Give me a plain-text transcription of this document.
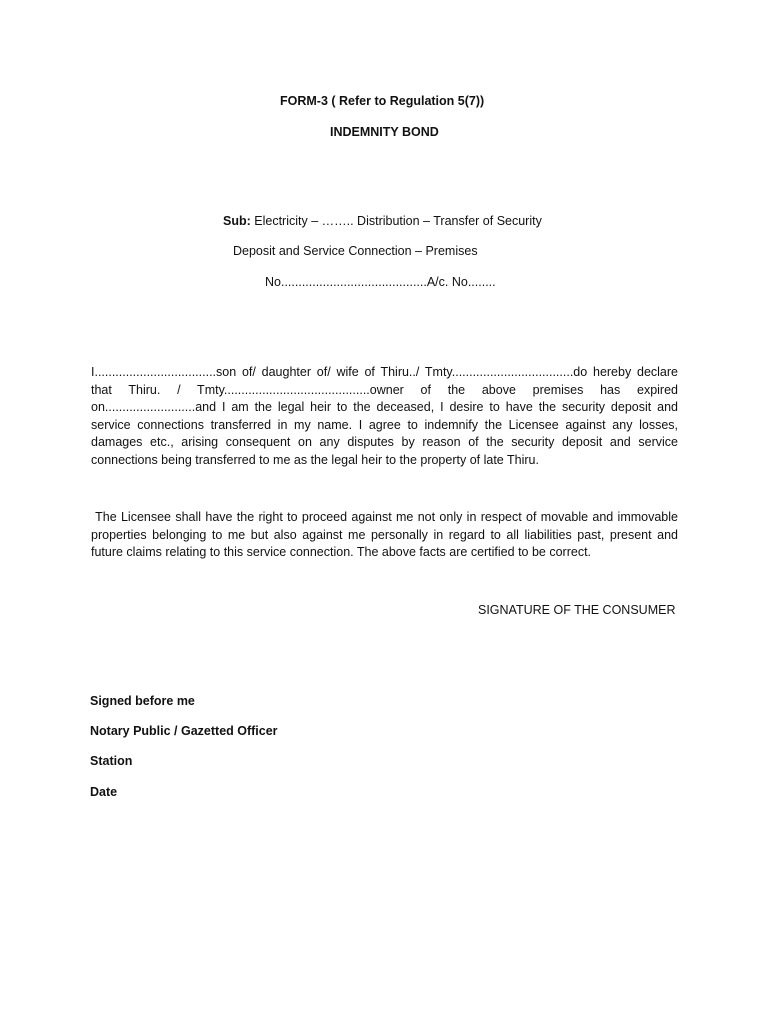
FORM-3 ( Refer to Regulation 5(7))
INDEMNITY BOND
Sub: Electricity – …….. Distribution – Transfer of Security
Deposit and Service Connection – Premises
No..........................................A/c. No........
I...................................son of/ daughter of/ wife of Thiru../ Tmty...................................do hereby declare
that Thiru. / Tmty..........................................owner of the above premises has expired
on..........................and I am the legal heir to the deceased, I desire to have the security deposit and
service connections transferred in my name. I agree to indemnify the Licensee against any losses,
damages etc., arising consequent on any disputes by reason of the security deposit and service
connections being transferred to me as the legal heir to the property of late Thiru.
The Licensee shall have the right to proceed against me not only in respect of movable and immovable
properties belonging to me but also against me personally in regard to all liabilities past, present and
future claims relating to this service connection. The above facts are certified to be correct.
SIGNATURE OF THE CONSUMER
Signed before me
Notary Public / Gazetted Officer
Station
Date
